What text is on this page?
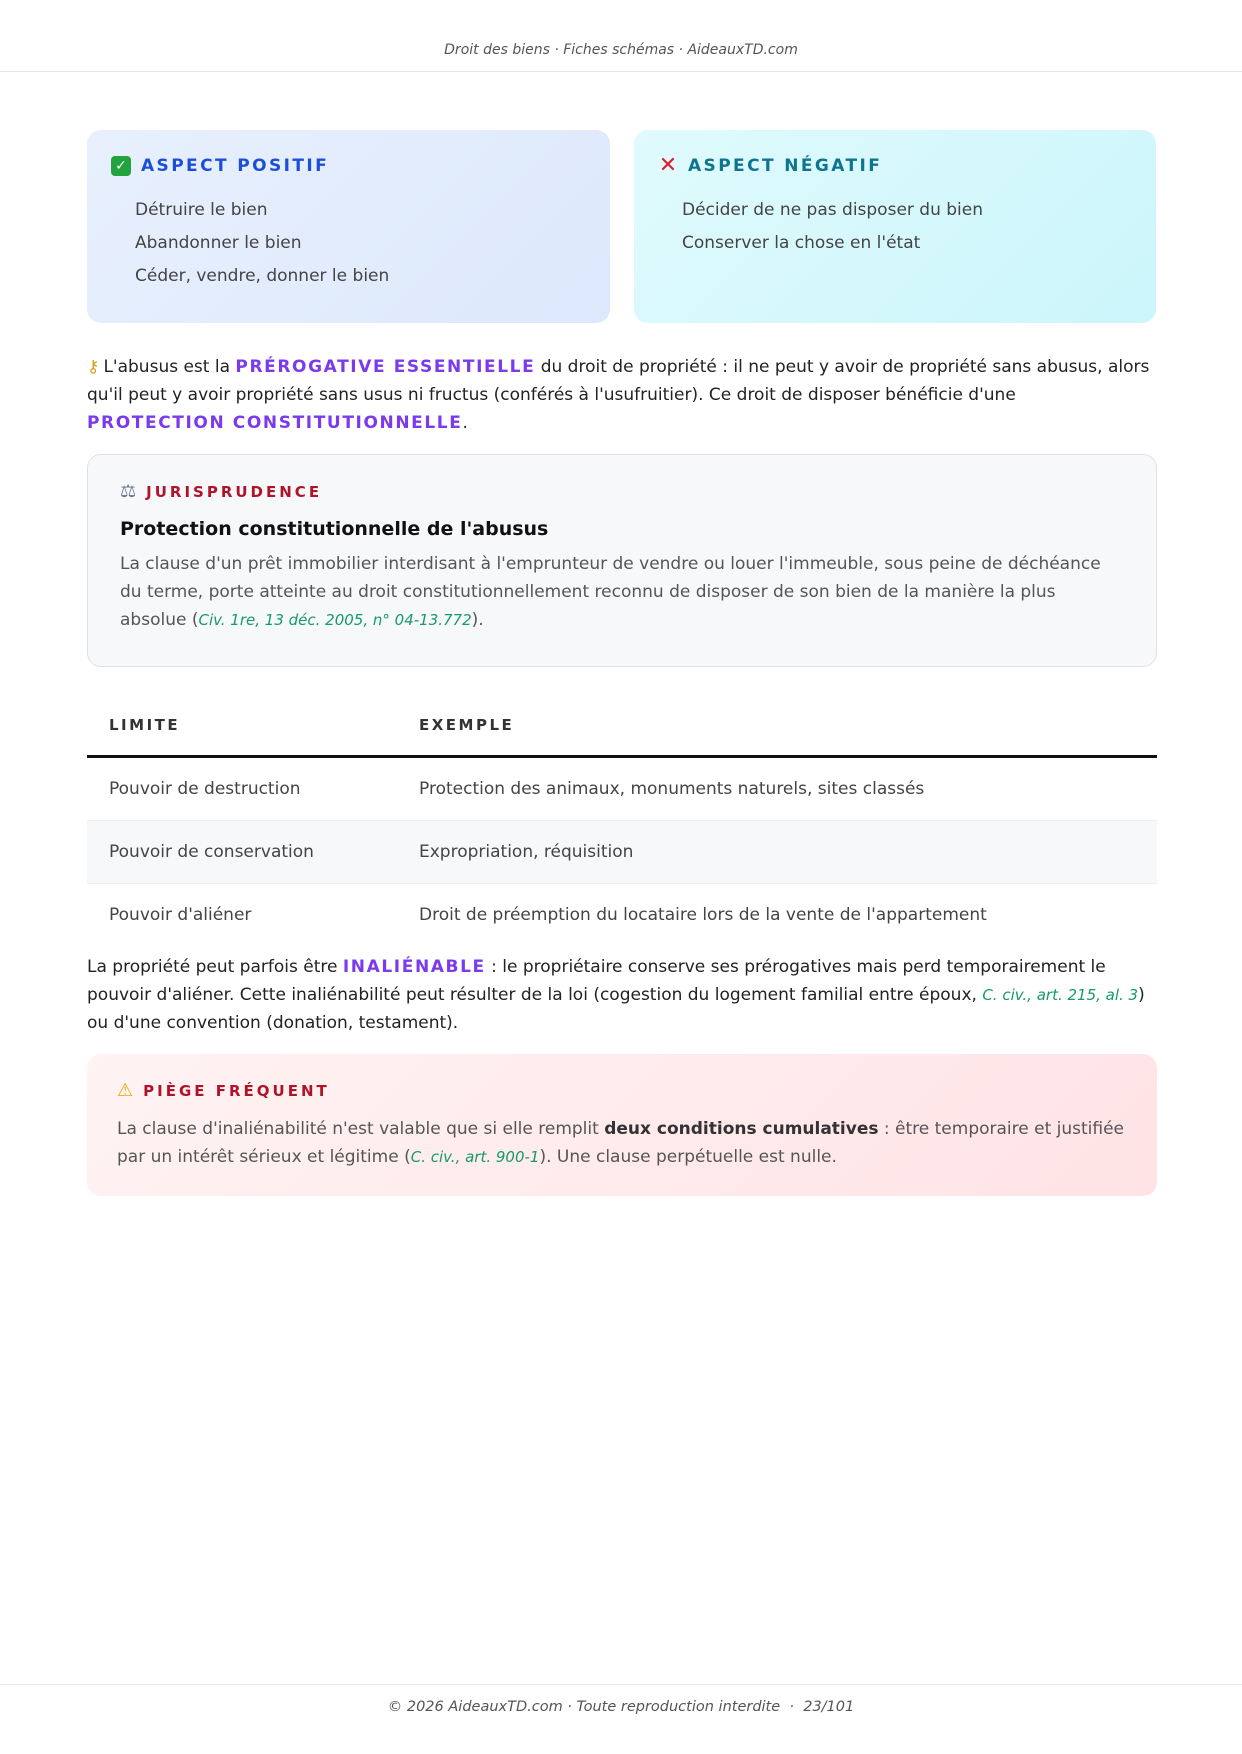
Droit des biens · Fiches schémas · AideauxTD.com
✓ ASPECT POSITIF
Détruire le bien
Abandonner le bien
Céder, vendre, donner le bien
✕ ASPECT NÉGATIF
Décider de ne pas disposer du bien
Conserver la chose en l'état

⚷ L'abusus est la PRÉROGATIVE ESSENTIELLE du droit de propriété : il ne peut y avoir de propriété sans abusus, alors qu'il peut y avoir propriété sans usus ni fructus (conférés à l'usufruitier). Ce droit de disposer bénéficie d'une PROTECTION CONSTITUTIONNELLE.

⚖ JURISPRUDENCE
Protection constitutionnelle de l'abusus
La clause d'un prêt immobilier interdisant à l'emprunteur de vendre ou louer l'immeuble, sous peine de déchéance du terme, porte atteinte au droit constitutionnellement reconnu de disposer de son bien de la manière la plus absolue (Civ. 1re, 13 déc. 2005, n° 04-13.772).
LIMITE	EXEMPLE
Pouvoir de destruction	Protection des animaux, monuments naturels, sites classés
Pouvoir de conservation	Expropriation, réquisition
Pouvoir d'aliéner	Droit de préemption du locataire lors de la vente de l'appartement

La propriété peut parfois être INALIÉNABLE : le propriétaire conserve ses prérogatives mais perd temporairement le pouvoir d'aliéner. Cette inaliénabilité peut résulter de la loi (cogestion du logement familial entre époux, C. civ., art. 215, al. 3) ou d'une convention (donation, testament).

⚠ PIÈGE FRÉQUENT
La clause d'inaliénabilité n'est valable que si elle remplit deux conditions cumulatives : être temporaire et justifiée par un intérêt sérieux et légitime (C. civ., art. 900-1). Une clause perpétuelle est nulle.
© 2026 AideauxTD.com · Toute reproduction interdite · 23/101
